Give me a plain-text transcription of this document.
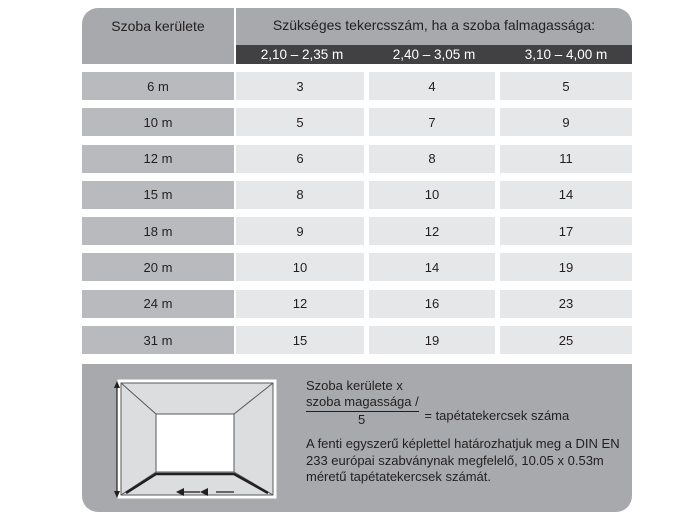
Szoba kerülete	Szükséges tekercsszám, ha a szoba falmagassága:
2,10 – 2,35 m	2,40 – 3,05 m	3,10 – 4,00 m
6 m	3	4	5
10 m	5	7	9
12 m	6	8	11
15 m	8	10	14
18 m	9	12	17
20 m	10	14	19
24 m	12	16	23
31 m	15	19	25
Szoba kerülete x
szoba magassága /
5	= tapétatekercsek száma
A fenti egyszerű képlettel határozhatjuk meg a DIN EN 233 európai szabványnak megfelelő, 10.05 x 0.53m méretű tapétatekercsek számát.
